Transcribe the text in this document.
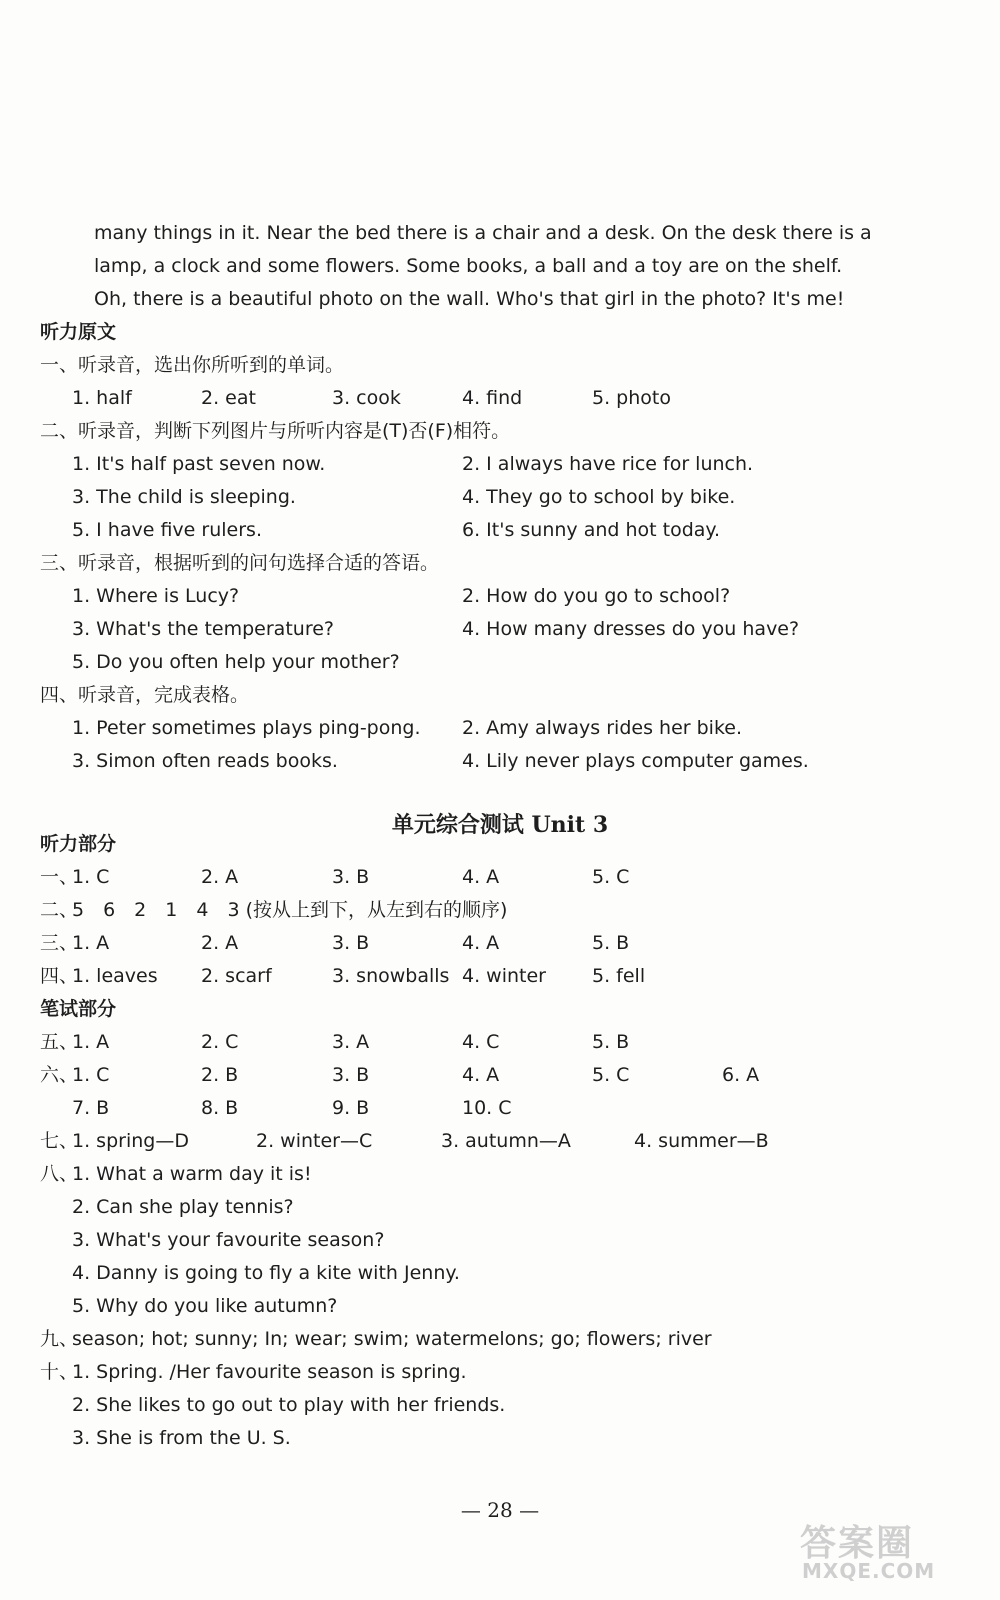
many things in it. Near the bed there is a chair and a desk. On the desk there is a
lamp, a clock and some flowers. Some books, a ball and a toy are on the shelf.
Oh, there is a beautiful photo on the wall. Who's that girl in the photo? It's me!
听力原文
一、听录音，选出你所听到的单词。
1. half	2. eat	3. cook	4. find	5. photo
二、听录音，判断下列图片与所听内容是(T)否(F)相符。
1. It's half past seven now.	2. I always have rice for lunch.
3. The child is sleeping.	4. They go to school by bike.
5. I have five rulers.	6. It's sunny and hot today.
三、听录音，根据听到的问句选择合适的答语。
1. Where is Lucy?	2. How do you go to school?
3. What's the temperature?	4. How many dresses do you have?
5. Do you often help your mother?
四、听录音，完成表格。
1. Peter sometimes plays ping-pong. 2. Amy always rides her bike.
3. Simon often reads books.	4. Lily never plays computer games.
单元综合测试 Unit 3
听力部分
一、
1. C	2. A	3. B	4. A	5. C
二、
5　6　2　1　4　3 (按从上到下，从左到右的顺序)
三、
1. A	2. A	3. B	4. A	5. B
四、
1. leaves 2. scarf	3. snowballs 4. winter 5. fell
笔试部分
五、
1. A	2. C	3. A	4. C	5. B
六、
1. C	2. B	3. B	4. A	5. C	6. A
7. B	8. B	9. B	10. C
七、
1. spring—D	2. winter—C	3. autumn—A	4. summer—B
八、
1. What a warm day it is!
2. Can she play tennis?
3. What's your favourite season?
4. Danny is going to fly a kite with Jenny.
5. Why do you like autumn?
九、
season; hot; sunny; In; wear; swim; watermelons; go; flowers; river
十、
1. Spring. /Her favourite season is spring.
2. She likes to go out to play with her friends.
3. She is from the U. S.
— 28 —
答案圈
MXQE.COM
